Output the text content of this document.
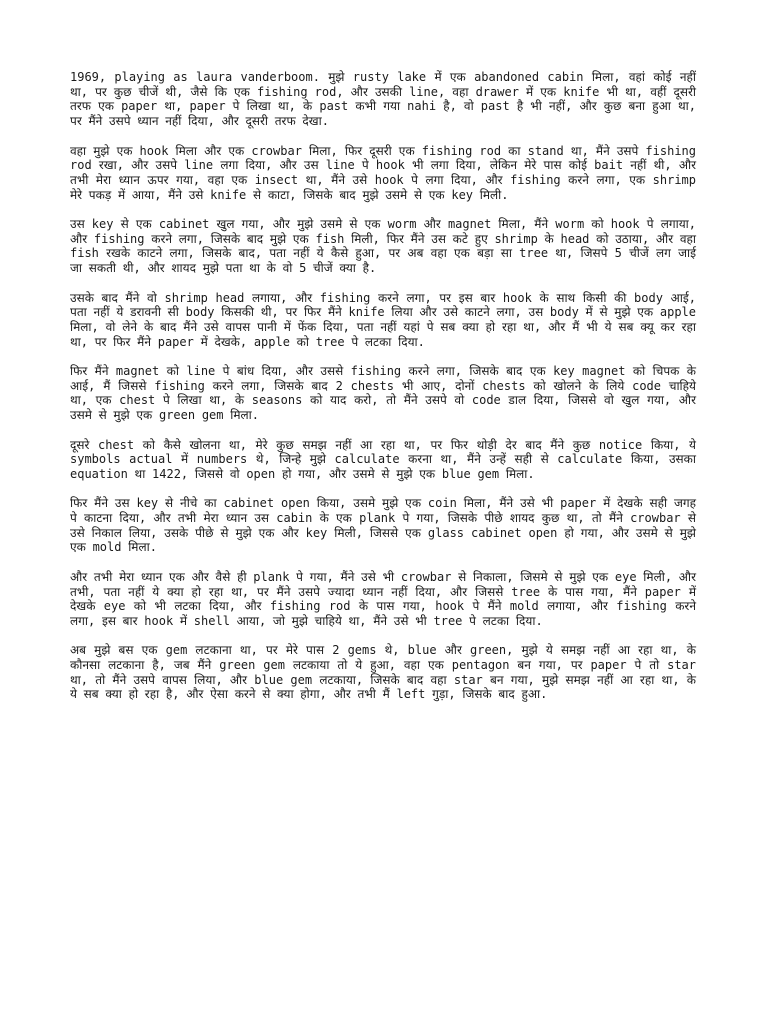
1969, playing as laura vanderboom. मुझे rusty lake में एक abandoned cabin मिला, वहां कोई नहीं था, पर कुछ चीजें थी, जैसे कि एक fishing rod, और उसकी line, वहा drawer में एक knife भी था, वहीं दूसरी तरफ एक paper था, paper पे लिखा था, के past कभी गया nahi है, वो past है भी नहीं, और कुछ बना हुआ था, पर मैंने उसपे ध्यान नहीं दिया, और दूसरी तरफ देखा.

वहा मुझे एक hook मिला और एक crowbar मिला, फिर दूसरी एक fishing rod का stand था, मैंने उसपे fishing rod रखा, और उसपे line लगा दिया, और उस line पे hook भी लगा दिया, लेकिन मेरे पास कोई bait नहीं थी, और तभी मेरा ध्यान ऊपर गया, वहा एक insect था, मैंने उसे hook पे लगा दिया, और fishing करने लगा, एक shrimp मेरे पकड़ में आया, मैंने उसे knife से काटा, जिसके बाद मुझे उसमे से एक key मिली.

उस key से एक cabinet खुल गया, और मुझे उसमे से एक worm और magnet मिला, मैंने worm को hook पे लगाया, और fishing करने लगा, जिसके बाद मुझे एक fish मिली, फिर मैंने उस कटे हुए shrimp के head को उठाया, और वहा fish रखके काटने लगा, जिसके बाद, पता नहीं ये कैसे हुआ, पर अब वहा एक बड़ा सा tree था, जिसपे 5 चीजें लग जाई जा सकती थी, और शायद मुझे पता था के वो 5 चीजें क्या है.

उसके बाद मैंने वो shrimp head लगाया, और fishing करने लगा, पर इस बार hook के साथ किसी की body आई, पता नहीं ये डरावनी सी body किसकी थी, पर फिर मैंने knife लिया और उसे काटने लगा, उस body में से मुझे एक apple मिला, वो लेने के बाद मैंने उसे वापस पानी में फेंक दिया, पता नहीं यहां पे सब क्या हो रहा था, और मैं भी ये सब क्यू कर रहा था, पर फिर मैंने paper में देखके, apple को tree पे लटका दिया.

फिर मैंने magnet को line पे बांध दिया, और उससे fishing करने लगा, जिसके बाद एक key magnet को चिपक के आई, मैं जिससे fishing करने लगा, जिसके बाद 2 chests भी आए, दोनों chests को खोलने के लिये code चाहिये था, एक chest पे लिखा था, के seasons को याद करो, तो मैंने उसपे वो code डाल दिया, जिससे वो खुल गया, और उसमे से मुझे एक green gem मिला.

दूसरे chest को कैसे खोलना था, मेरे कुछ समझ नहीं आ रहा था, पर फिर थोड़ी देर बाद मैंने कुछ notice किया, ये symbols actual में numbers थे, जिन्हे मुझे calculate करना था, मैंने उन्हें सही से calculate किया, उसका equation था 1422, जिससे वो open हो गया, और उसमे से मुझे एक blue gem मिला.

फिर मैंने उस key से नीचे का cabinet open किया, उसमे मुझे एक coin मिला, मैंने उसे भी paper में देखके सही जगह पे काटना दिया, और तभी मेरा ध्यान उस cabin के एक plank पे गया, जिसके पीछे शायद कुछ था, तो मैंने crowbar से उसे निकाल लिया, उसके पीछे से मुझे एक और key मिली, जिससे एक glass cabinet open हो गया, और उसमे से मुझे एक mold मिला.

और तभी मेरा ध्यान एक और वैसे ही plank पे गया, मैंने उसे भी crowbar से निकाला, जिसमे से मुझे एक eye मिली, और तभी, पता नहीं ये क्या हो रहा था, पर मैंने उसपे ज्यादा ध्यान नहीं दिया, और जिससे tree के पास गया, मैंने paper में देखके eye को भी लटका दिया, और fishing rod के पास गया, hook पे मैंने mold लगाया, और fishing करने लगा, इस बार hook में shell आया, जो मुझे चाहिये था, मैंने उसे भी tree पे लटका दिया.

अब मुझे बस एक gem लटकाना था, पर मेरे पास 2 gems थे, blue और green, मुझे ये समझ नहीं आ रहा था, के कौनसा लटकाना है, जब मैंने green gem लटकाया तो ये हुआ, वहा एक pentagon बन गया, पर paper पे तो star था, तो मैंने उसपे वापस लिया, और blue gem लटकाया, जिसके बाद वहा star बन गया, मुझे समझ नहीं आ रहा था, के ये सब क्या हो रहा है, और ऐसा करने से क्या होगा, और तभी मैं left गुड़ा, जिसके बाद हुआ.
